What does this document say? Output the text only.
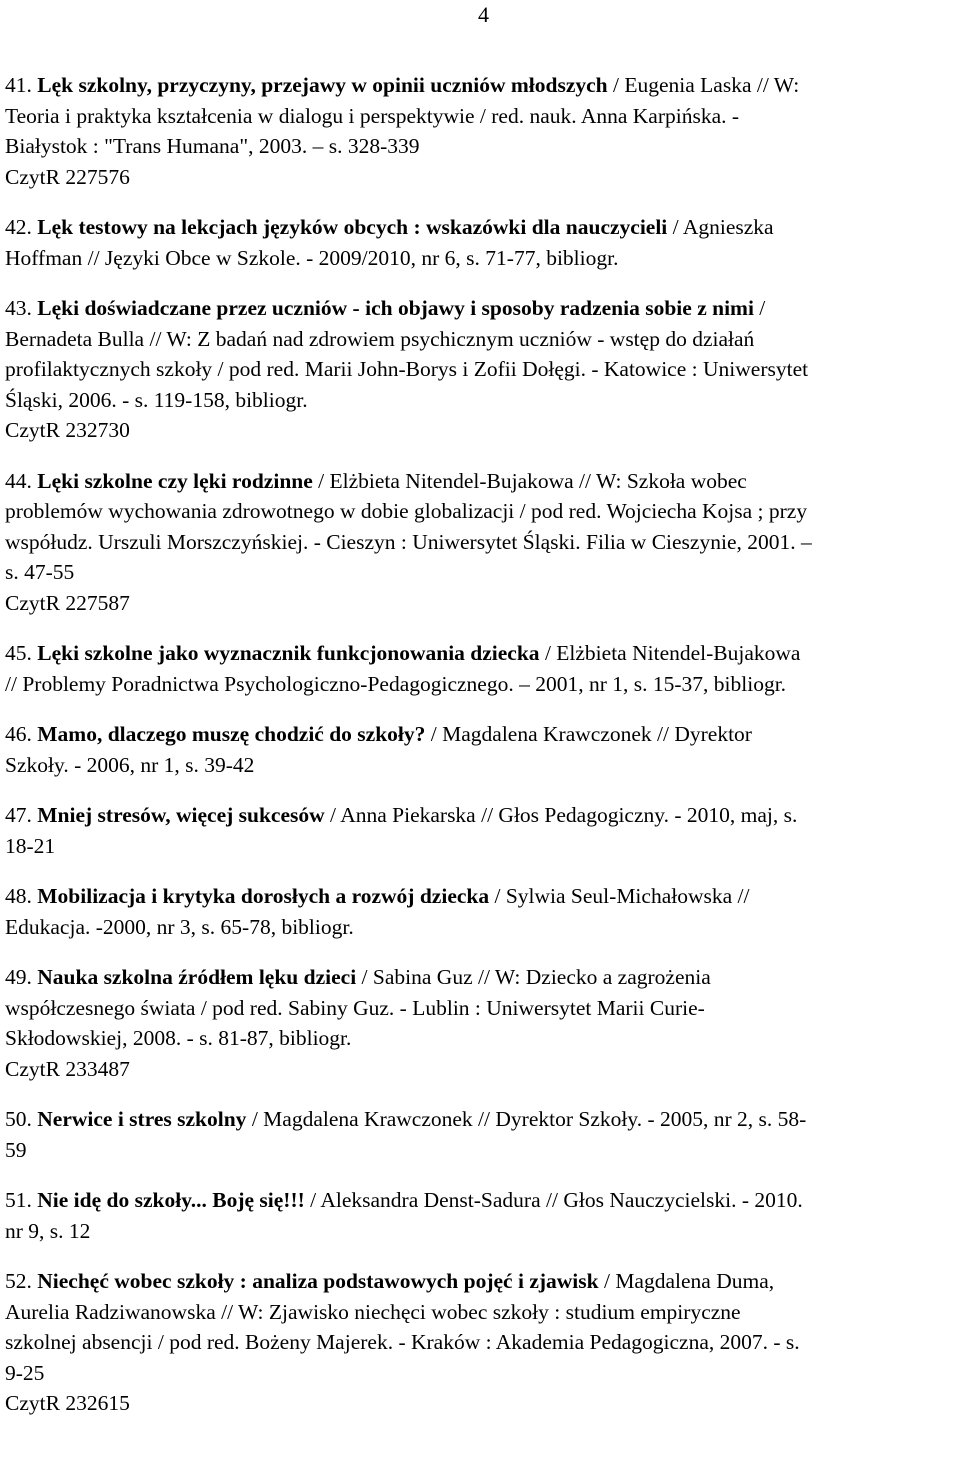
4
41. Lęk szkolny, przyczyny, przejawy w opinii uczniów młodszych / Eugenia Laska // W:
Teoria i praktyka kształcenia w dialogu i perspektywie / red. nauk. Anna Karpińska. -
Białystok : "Trans Humana", 2003. – s. 328-339
CzytR 227576
42. Lęk testowy na lekcjach języków obcych : wskazówki dla nauczycieli / Agnieszka
Hoffman // Języki Obce w Szkole. - 2009/2010, nr 6, s. 71-77, bibliogr.
43. Lęki doświadczane przez uczniów - ich objawy i sposoby radzenia sobie z nimi /
Bernadeta Bulla // W: Z badań nad zdrowiem psychicznym uczniów - wstęp do działań
profilaktycznych szkoły / pod red. Marii John-Borys i Zofii Dołęgi. - Katowice : Uniwersytet
Śląski, 2006. - s. 119-158, bibliogr.
CzytR 232730
44. Lęki szkolne czy lęki rodzinne / Elżbieta Nitendel-Bujakowa // W: Szkoła wobec
problemów wychowania zdrowotnego w dobie globalizacji / pod red. Wojciecha Kojsa ; przy
współudz. Urszuli Morszczyńskiej. - Cieszyn : Uniwersytet Śląski. Filia w Cieszynie, 2001. –
s. 47-55
CzytR 227587
45. Lęki szkolne jako wyznacznik funkcjonowania dziecka / Elżbieta Nitendel-Bujakowa
// Problemy Poradnictwa Psychologiczno-Pedagogicznego. – 2001, nr 1, s. 15-37, bibliogr.
46. Mamo, dlaczego muszę chodzić do szkoły? / Magdalena Krawczonek // Dyrektor
Szkoły. - 2006, nr 1, s. 39-42
47. Mniej stresów, więcej sukcesów / Anna Piekarska // Głos Pedagogiczny. - 2010, maj, s.
18-21
48. Mobilizacja i krytyka dorosłych a rozwój dziecka / Sylwia Seul-Michałowska //
Edukacja. -2000, nr 3, s. 65-78, bibliogr.
49. Nauka szkolna źródłem lęku dzieci / Sabina Guz // W: Dziecko a zagrożenia
współczesnego świata / pod red. Sabiny Guz. - Lublin : Uniwersytet Marii Curie-
Skłodowskiej, 2008. - s. 81-87, bibliogr.
CzytR 233487
50. Nerwice i stres szkolny / Magdalena Krawczonek // Dyrektor Szkoły. - 2005, nr 2, s. 58-
59
51. Nie idę do szkoły... Boję się!!! / Aleksandra Denst-Sadura // Głos Nauczycielski. - 2010.
nr 9, s. 12
52. Niechęć wobec szkoły : analiza podstawowych pojęć i zjawisk / Magdalena Duma,
Aurelia Radziwanowska // W: Zjawisko niechęci wobec szkoły : studium empiryczne
szkolnej absencji / pod red. Bożeny Majerek. - Kraków : Akademia Pedagogiczna, 2007. - s.
9-25
CzytR 232615
